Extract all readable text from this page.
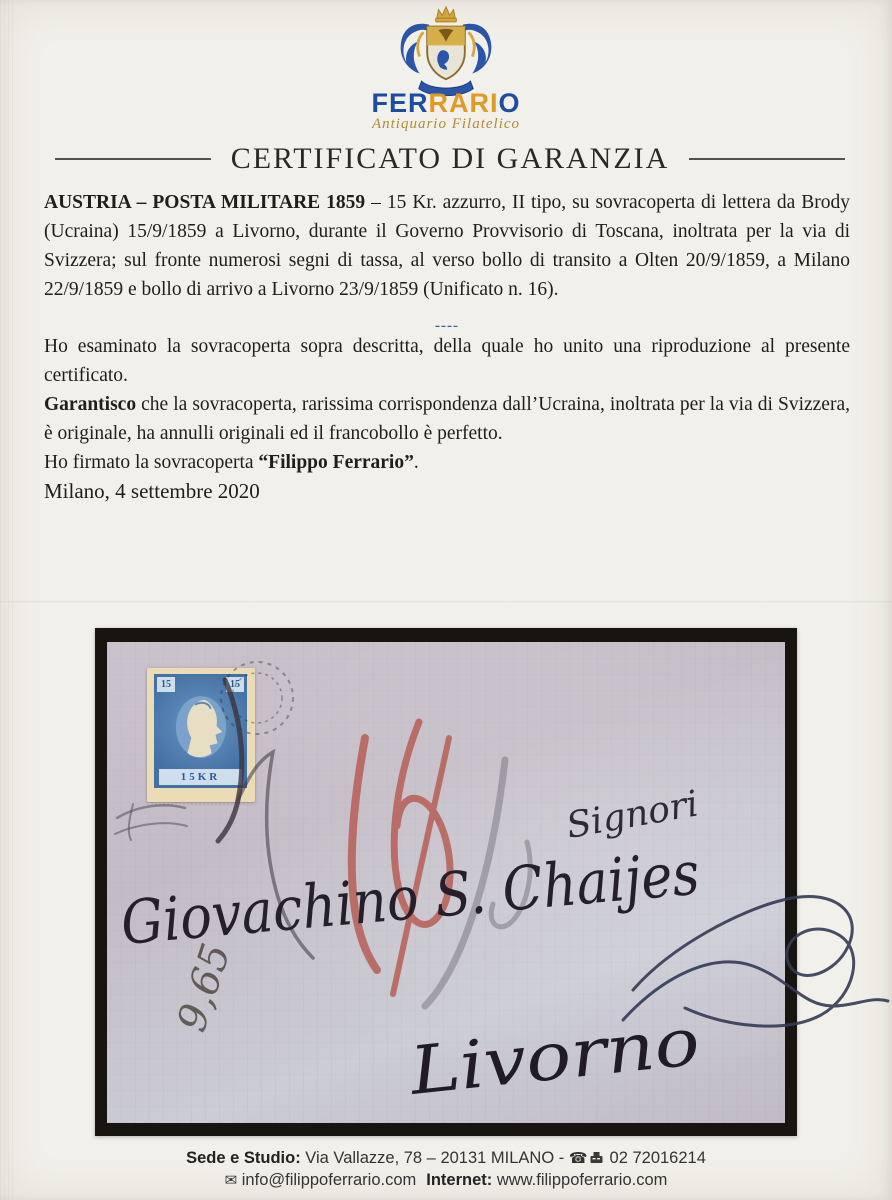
FERRARIO
Antiquario Filatelico
CERTIFICATO DI GARANZIA

AUSTRIA – POSTA MILITARE 1859 – 15 Kr. azzurro, II tipo, su sovracoperta di lettera da Brody (Ucraina) 15/9/1859 a Livorno, durante il Governo Provvisorio di Toscana, inoltrata per la via di Svizzera; sul fronte numerosi segni di tassa, al verso bollo di transito a Olten 20/9/1859, a Milano 22/9/1859 e bollo di arrivo a Livorno 23/9/1859 (Unificato n. 16).

----

Ho esaminato la sovracoperta sopra descritta, della quale ho unito una riproduzione al presente certificato.

Garantisco che la sovracoperta, rarissima corrispondenza dall’Ucraina, inoltrata per la via di Svizzera, è originale, ha annulli originali ed il francobollo è perfetto.

Ho firmato la sovracoperta “Filippo Ferrario”.

Milano, 4 settembre 2020

15	15
15KR
Signori
Giovachino S. Chaijes
9,65
Livorno
Sede e Studio: Via Vallazze, 78 – 20131 MILANO - ☎ 02 72016214
✉ info@filippoferrario.com Internet: www.filippoferrario.com
